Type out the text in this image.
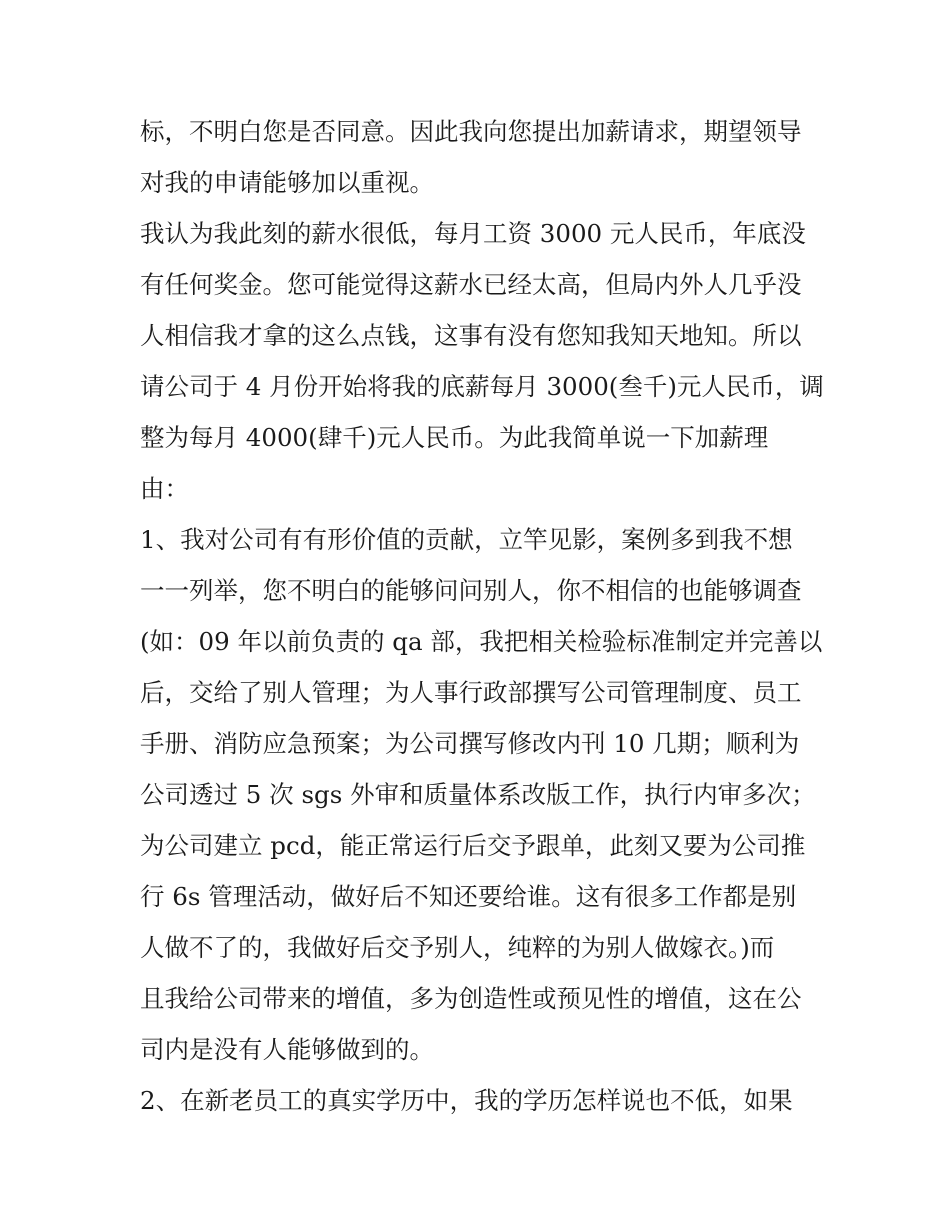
标，不明白您是否同意。因此我向您提出加薪请求，期望领导
对我的申请能够加以重视。
我认为我此刻的薪水很低，每月工资 3000 元人民币，年底没
有任何奖金。您可能觉得这薪水已经太高，但局内外人几乎没
人相信我才拿的这么点钱，这事有没有您知我知天地知。所以
请公司于 4 月份开始将我的底薪每月 3000(叁千)元人民币，调
整为每月 4000(肆千)元人民币。为此我简单说一下加薪理
由：
1、我对公司有有形价值的贡献，立竿见影，案例多到我不想
一一列举，您不明白的能够问问别人，你不相信的也能够调查
(如：09 年以前负责的 qa 部，我把相关检验标准制定并完善以
后，交给了别人管理；为人事行政部撰写公司管理制度、员工
手册、消防应急预案；为公司撰写修改内刊 10 几期；顺利为
公司透过 5 次 sgs 外审和质量体系改版工作，执行内审多次；
为公司建立 pcd，能正常运行后交予跟单，此刻又要为公司推
行 6s 管理活动，做好后不知还要给谁。这有很多工作都是别
人做不了的，我做好后交予别人，纯粹的为别人做嫁衣。)而
且我给公司带来的增值，多为创造性或预见性的增值，这在公
司内是没有人能够做到的。
2、在新老员工的真实学历中，我的学历怎样说也不低，如果
